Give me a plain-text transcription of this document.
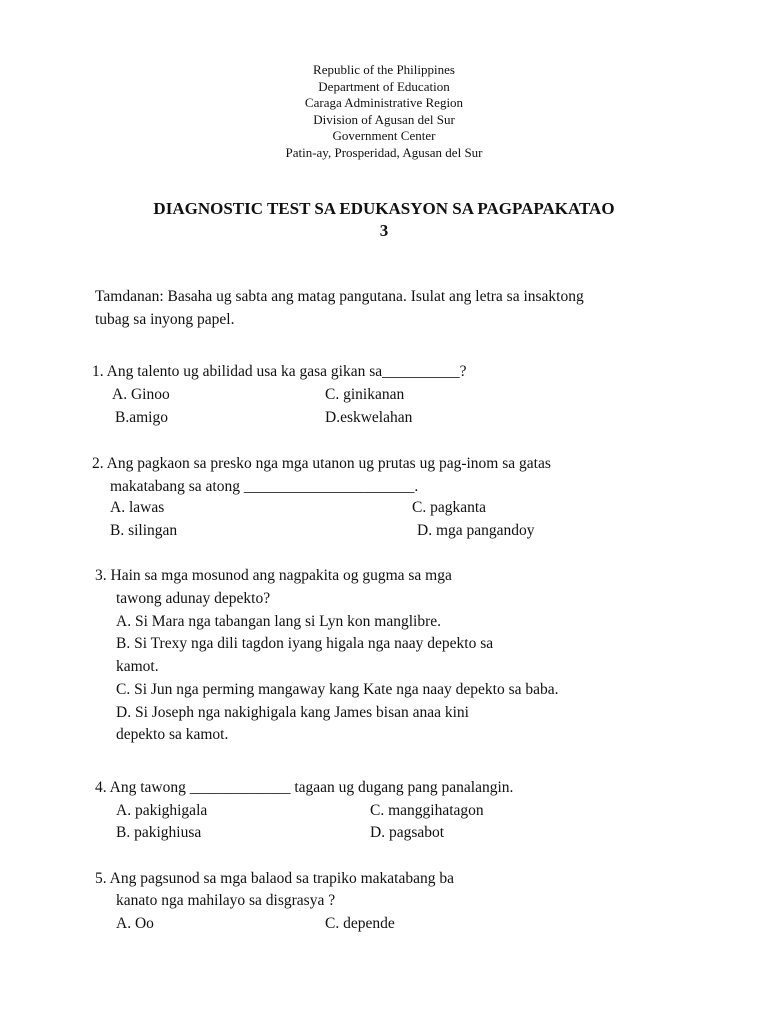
Republic of the Philippines
Department of Education
Caraga Administrative Region
Division of Agusan del Sur
Government Center
Patin-ay, Prosperidad, Agusan del Sur
DIAGNOSTIC TEST SA EDUKASYON SA PAGPAPAKATAO
3
Tamdanan: Basaha ug sabta ang matag pangutana. Isulat ang letra sa insaktong
tubag sa inyong papel.
1. Ang talento ug abilidad usa ka gasa gikan sa__________?
A. Ginoo	C. ginikanan
B.amigo	D.eskwelahan
2. Ang pagkaon sa presko nga mga utanon ug prutas ug pag-inom sa gatas
makatabang sa atong ______________________.
A. lawas	C. pagkanta
B. silingan	D. mga pangandoy
3. Hain sa mga mosunod ang nagpakita og gugma sa mga
tawong adunay depekto?
A. Si Mara nga tabangan lang si Lyn kon manglibre.
B. Si Trexy nga dili tagdon iyang higala nga naay depekto sa
kamot.
C. Si Jun nga perming mangaway kang Kate nga naay depekto sa baba.
D. Si Joseph nga nakighigala kang James bisan anaa kini
depekto sa kamot.
4. Ang tawong _____________ tagaan ug dugang pang panalangin.
A. pakighigala	C. manggihatagon
B. pakighiusa	D. pagsabot
5. Ang pagsunod sa mga balaod sa trapiko makatabang ba
kanato nga mahilayo sa disgrasya ?
A. Oo	C. depende
